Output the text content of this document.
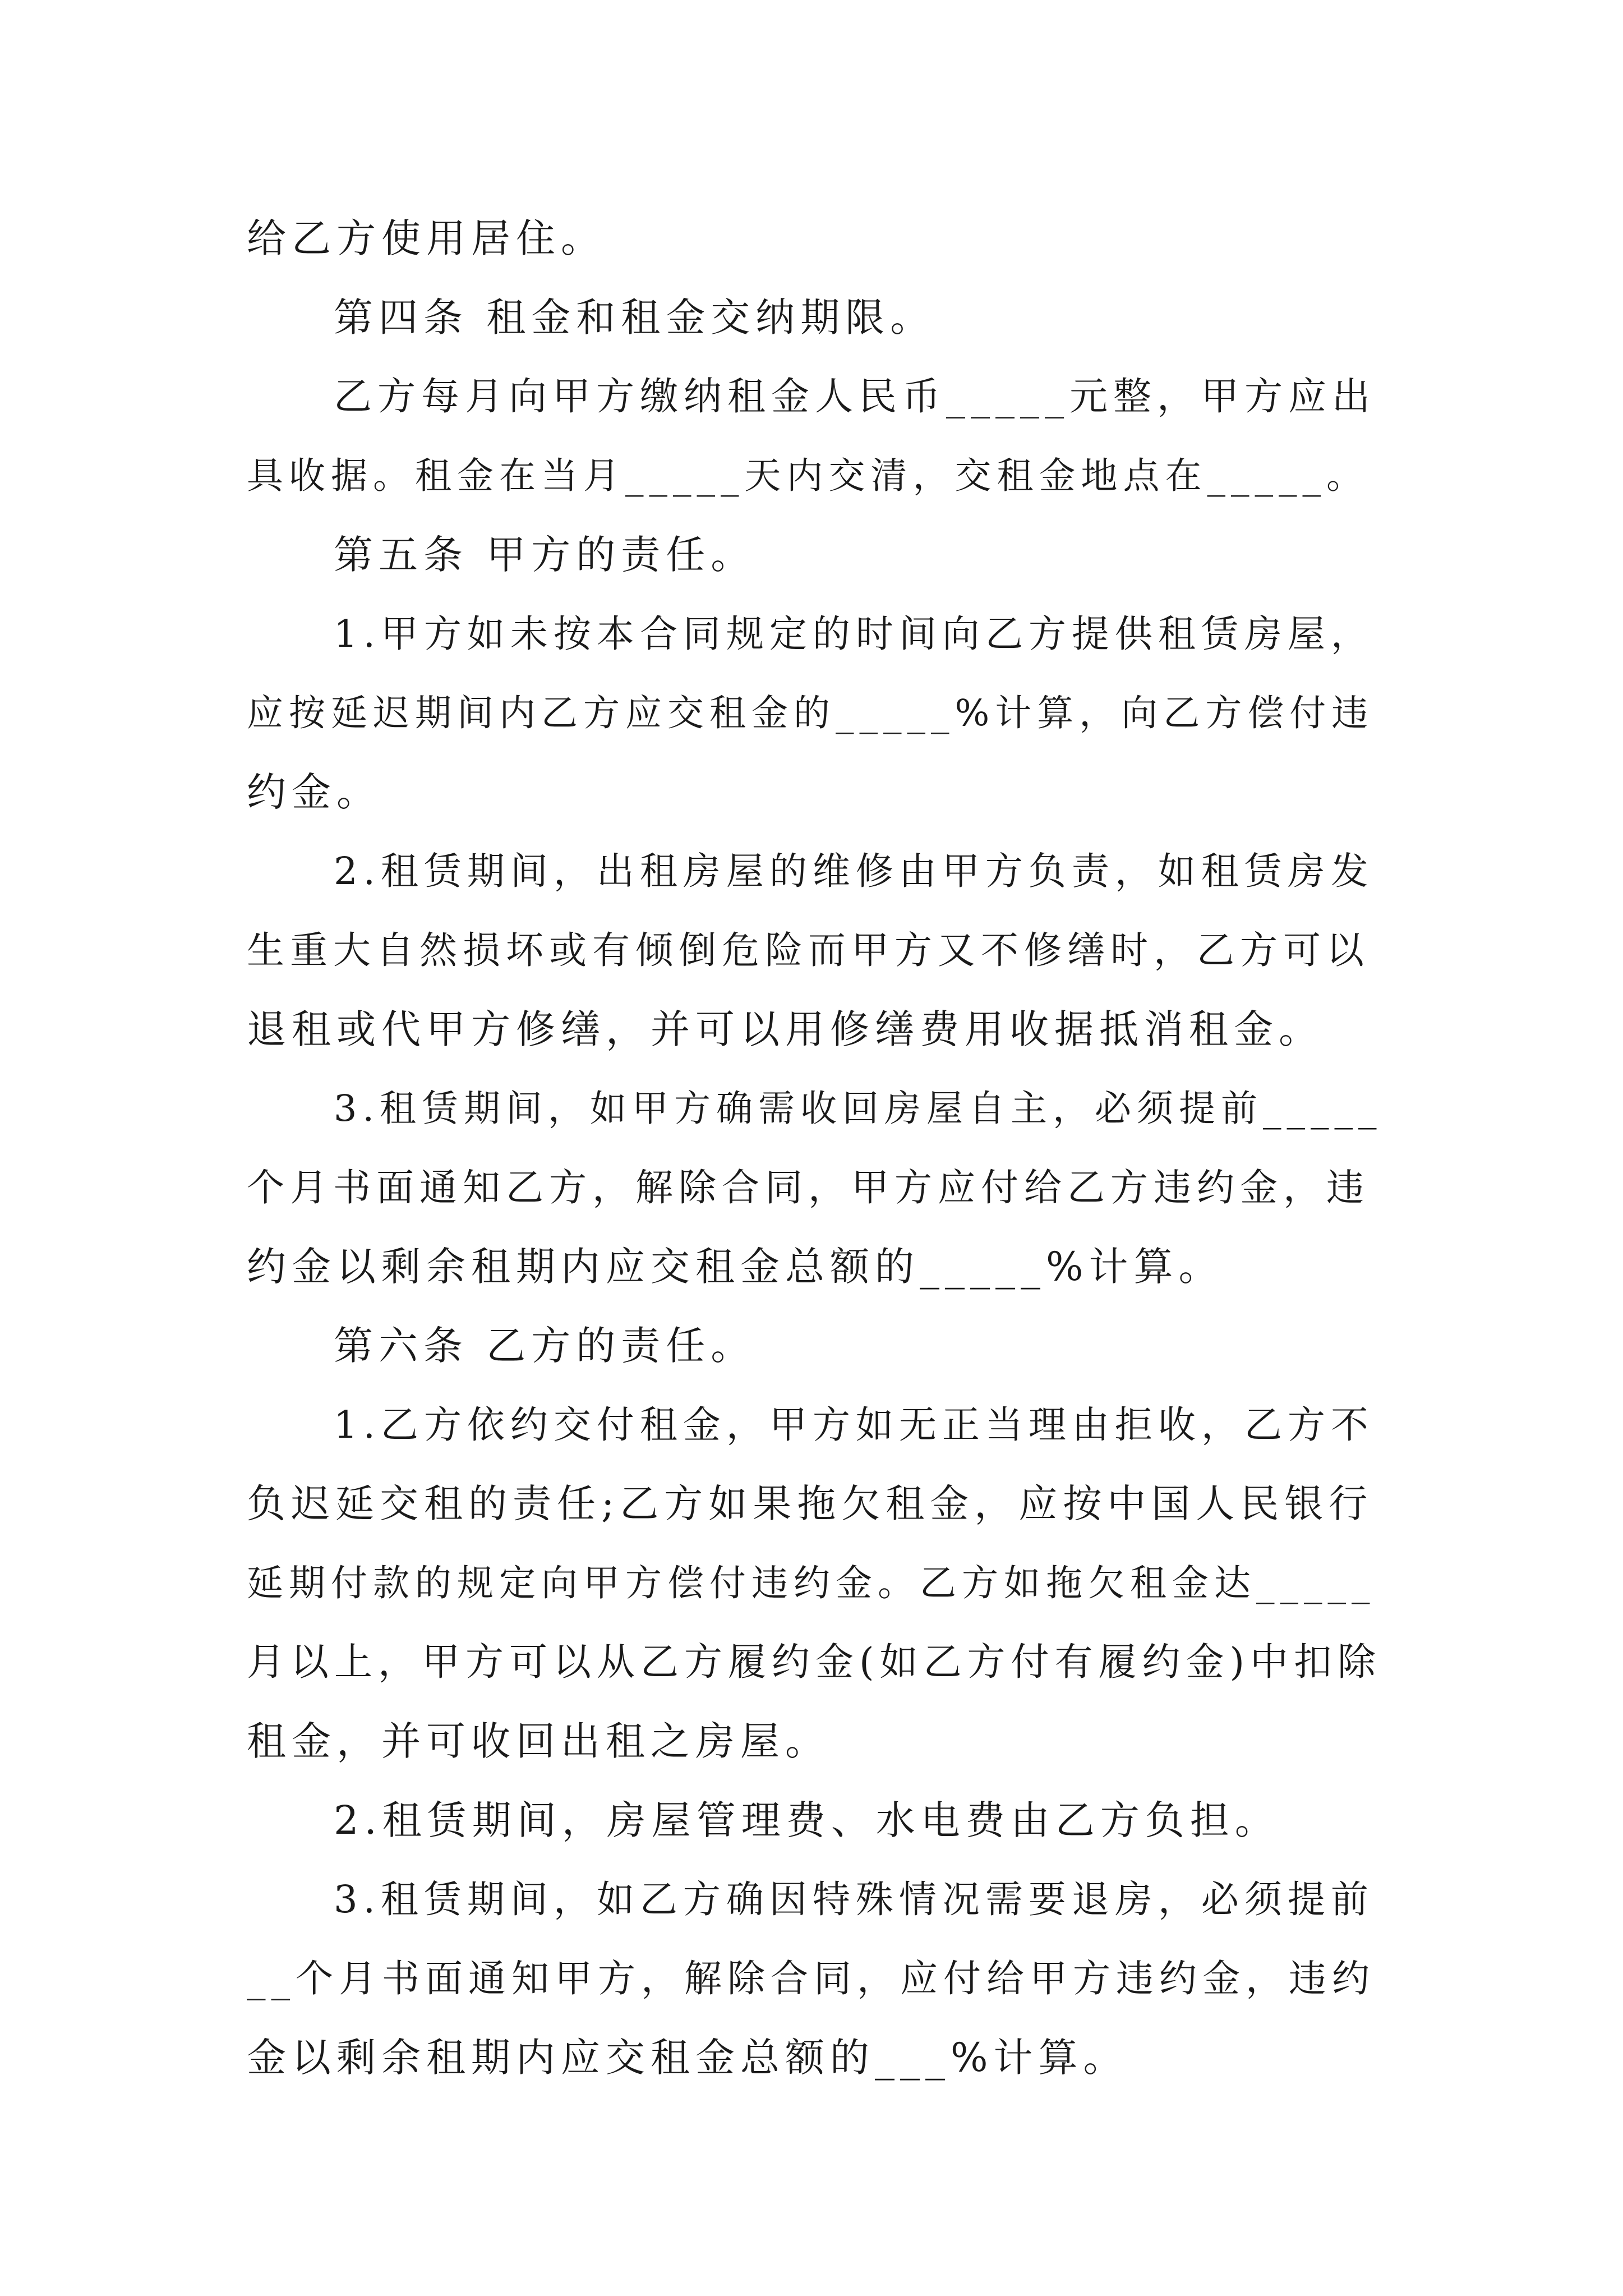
给乙方使用居住。
第四条 租金和租金交纳期限。
乙方每月向甲方缴纳租金人民币_____元整，甲方应出
具收据。租金在当月_____天内交清，交租金地点在_____。
第五条 甲方的责任。
1.甲方如未按本合同规定的时间向乙方提供租赁房屋，
应按延迟期间内乙方应交租金的_____%计算，向乙方偿付违
约金。
2.租赁期间，出租房屋的维修由甲方负责，如租赁房发
生重大自然损坏或有倾倒危险而甲方又不修缮时，乙方可以
退租或代甲方修缮，并可以用修缮费用收据抵消租金。
3.租赁期间，如甲方确需收回房屋自主，必须提前_____
个月书面通知乙方，解除合同，甲方应付给乙方违约金，违
约金以剩余租期内应交租金总额的_____%计算。
第六条 乙方的责任。
1.乙方依约交付租金，甲方如无正当理由拒收，乙方不
负迟延交租的责任;乙方如果拖欠租金，应按中国人民银行
延期付款的规定向甲方偿付违约金。乙方如拖欠租金达_____
月以上，甲方可以从乙方履约金(如乙方付有履约金)中扣除
租金，并可收回出租之房屋。
2.租赁期间，房屋管理费、水电费由乙方负担。
3.租赁期间，如乙方确因特殊情况需要退房，必须提前
__个月书面通知甲方，解除合同，应付给甲方违约金，违约
金以剩余租期内应交租金总额的___%计算。
